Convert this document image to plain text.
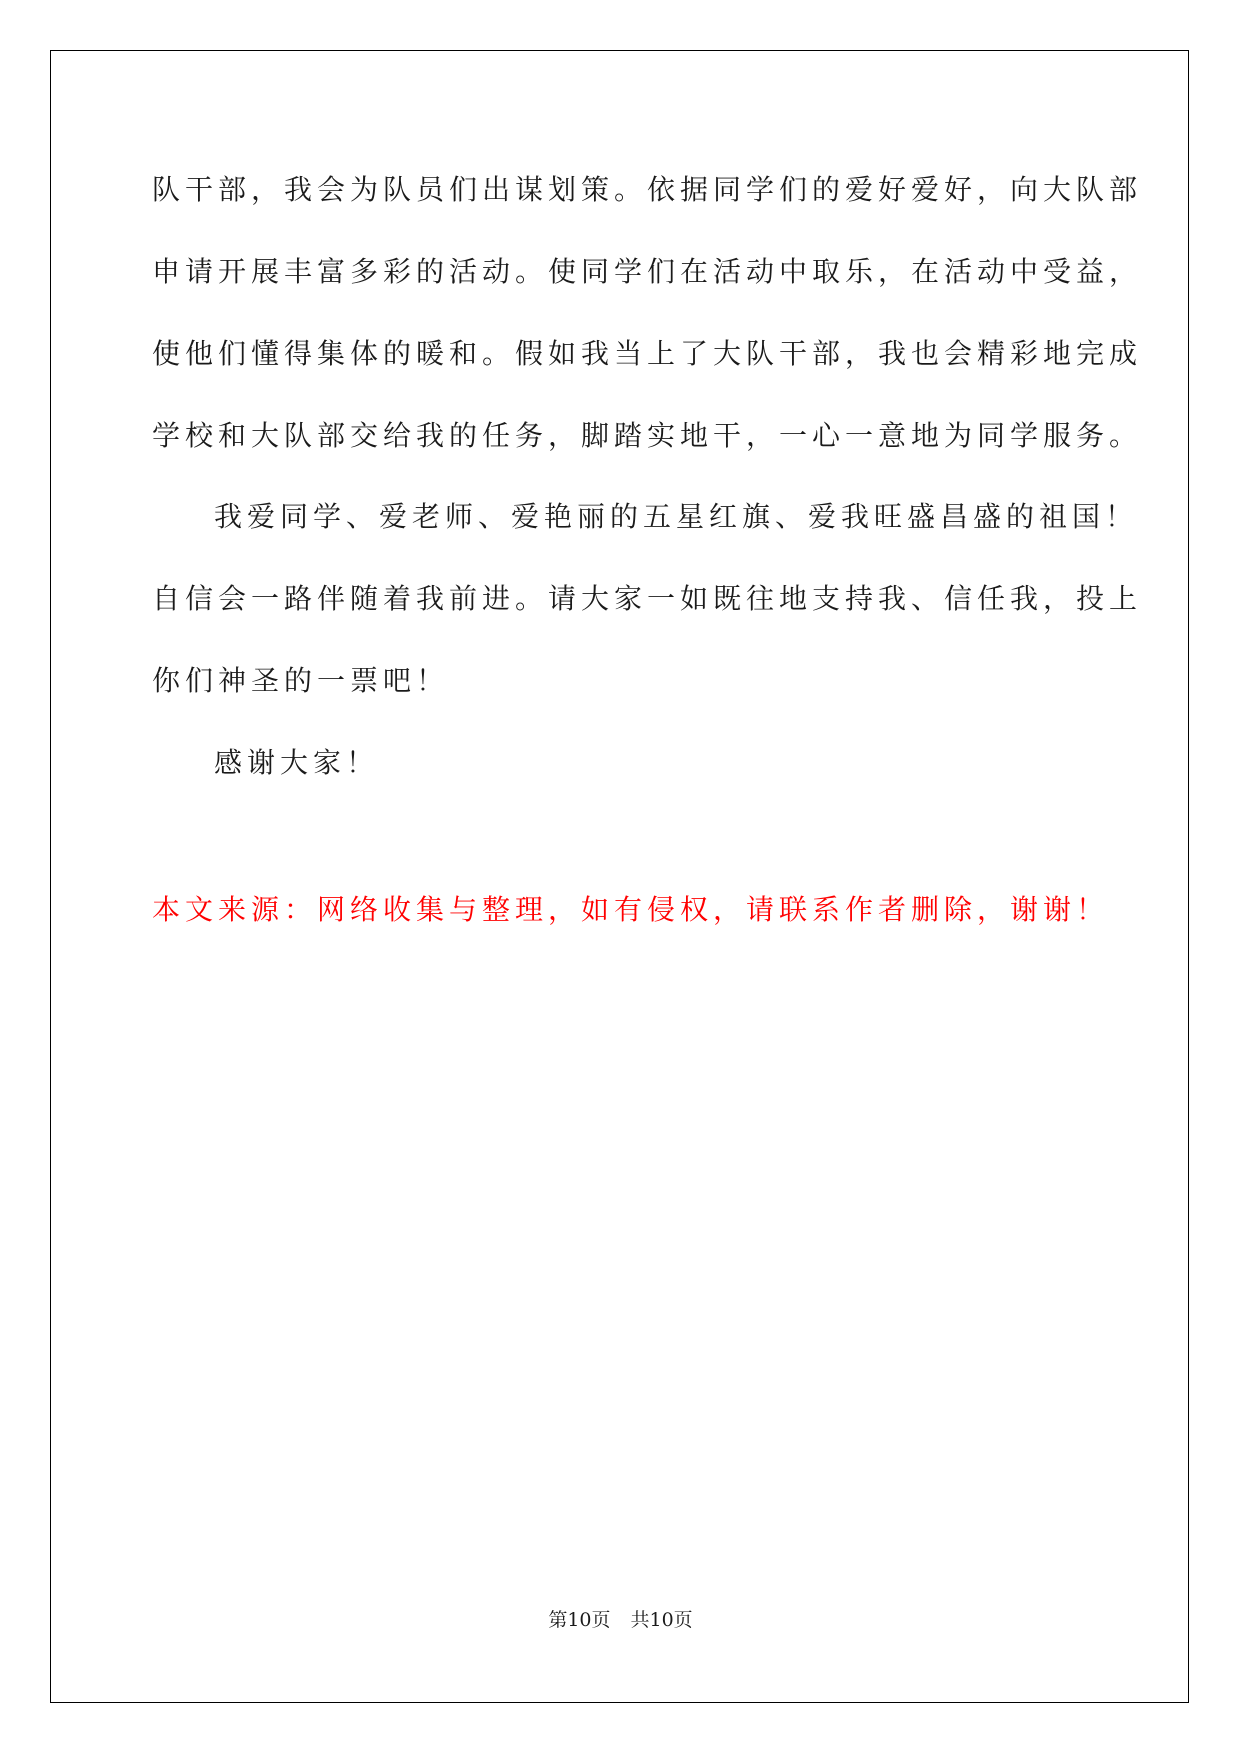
队干部，我会为队员们出谋划策。依据同学们的爱好爱好，向大队部
申请开展丰富多彩的活动。使同学们在活动中取乐，在活动中受益，
使他们懂得集体的暖和。假如我当上了大队干部，我也会精彩地完成
学校和大队部交给我的任务，脚踏实地干，一心一意地为同学服务。
我爱同学、爱老师、爱艳丽的五星红旗、爱我旺盛昌盛的祖国！
自信会一路伴随着我前进。请大家一如既往地支持我、信任我，投上
你们神圣的一票吧！
感谢大家！
本文来源：网络收集与整理，如有侵权，请联系作者删除，谢谢！
第10页 共10页
